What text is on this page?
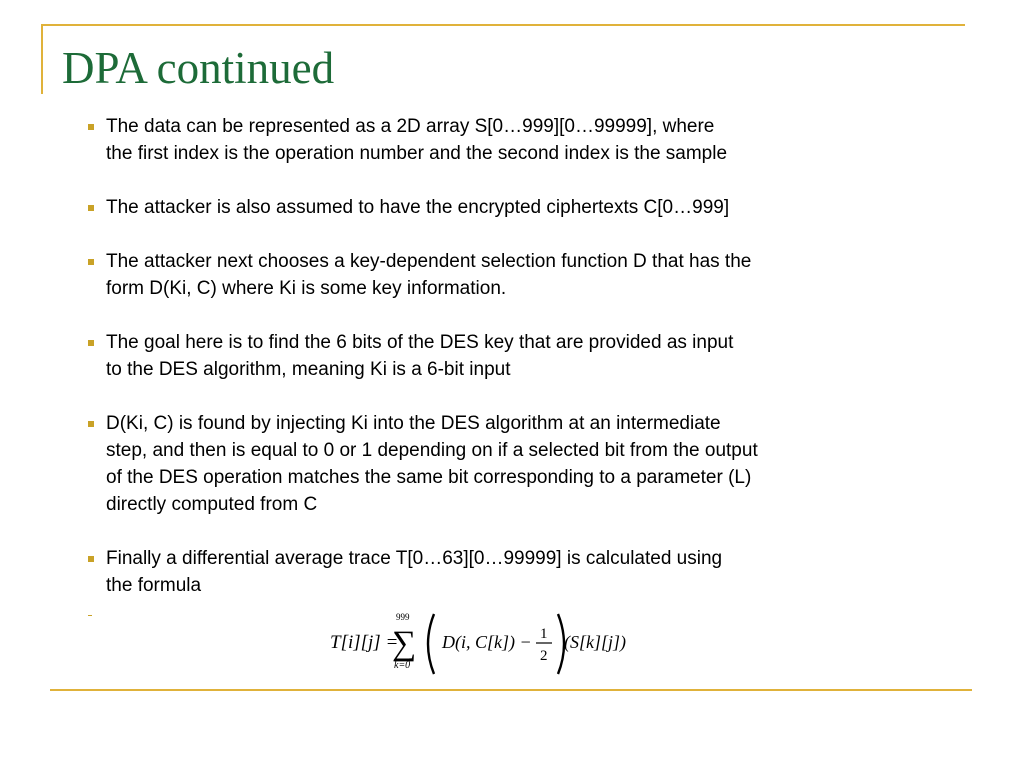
DPA continued
The data can be represented as a 2D array S[0…999][0…99999], where
the first index is the operation number and the second index is the sample
The attacker is also assumed to have the encrypted ciphertexts C[0…999]
The attacker next chooses a key-dependent selection function D that has the
form D(Ki, C) where Ki is some key information.
The goal here is to find the 6 bits of the DES key that are provided as input
to the DES algorithm, meaning Ki is a 6-bit input
D(Ki, C) is found by injecting Ki into the DES algorithm at an intermediate
step, and then is equal to 0 or 1 depending on if a selected bit from the output
of the DES operation matches the same bit corresponding to a parameter (L)
directly computed from C
Finally a differential average trace T[0…63][0…99999] is calculated using
the formula
T[i][j] =
999
∑
k=0
D(i, C[k]) − 1
2
(S[k][j])
